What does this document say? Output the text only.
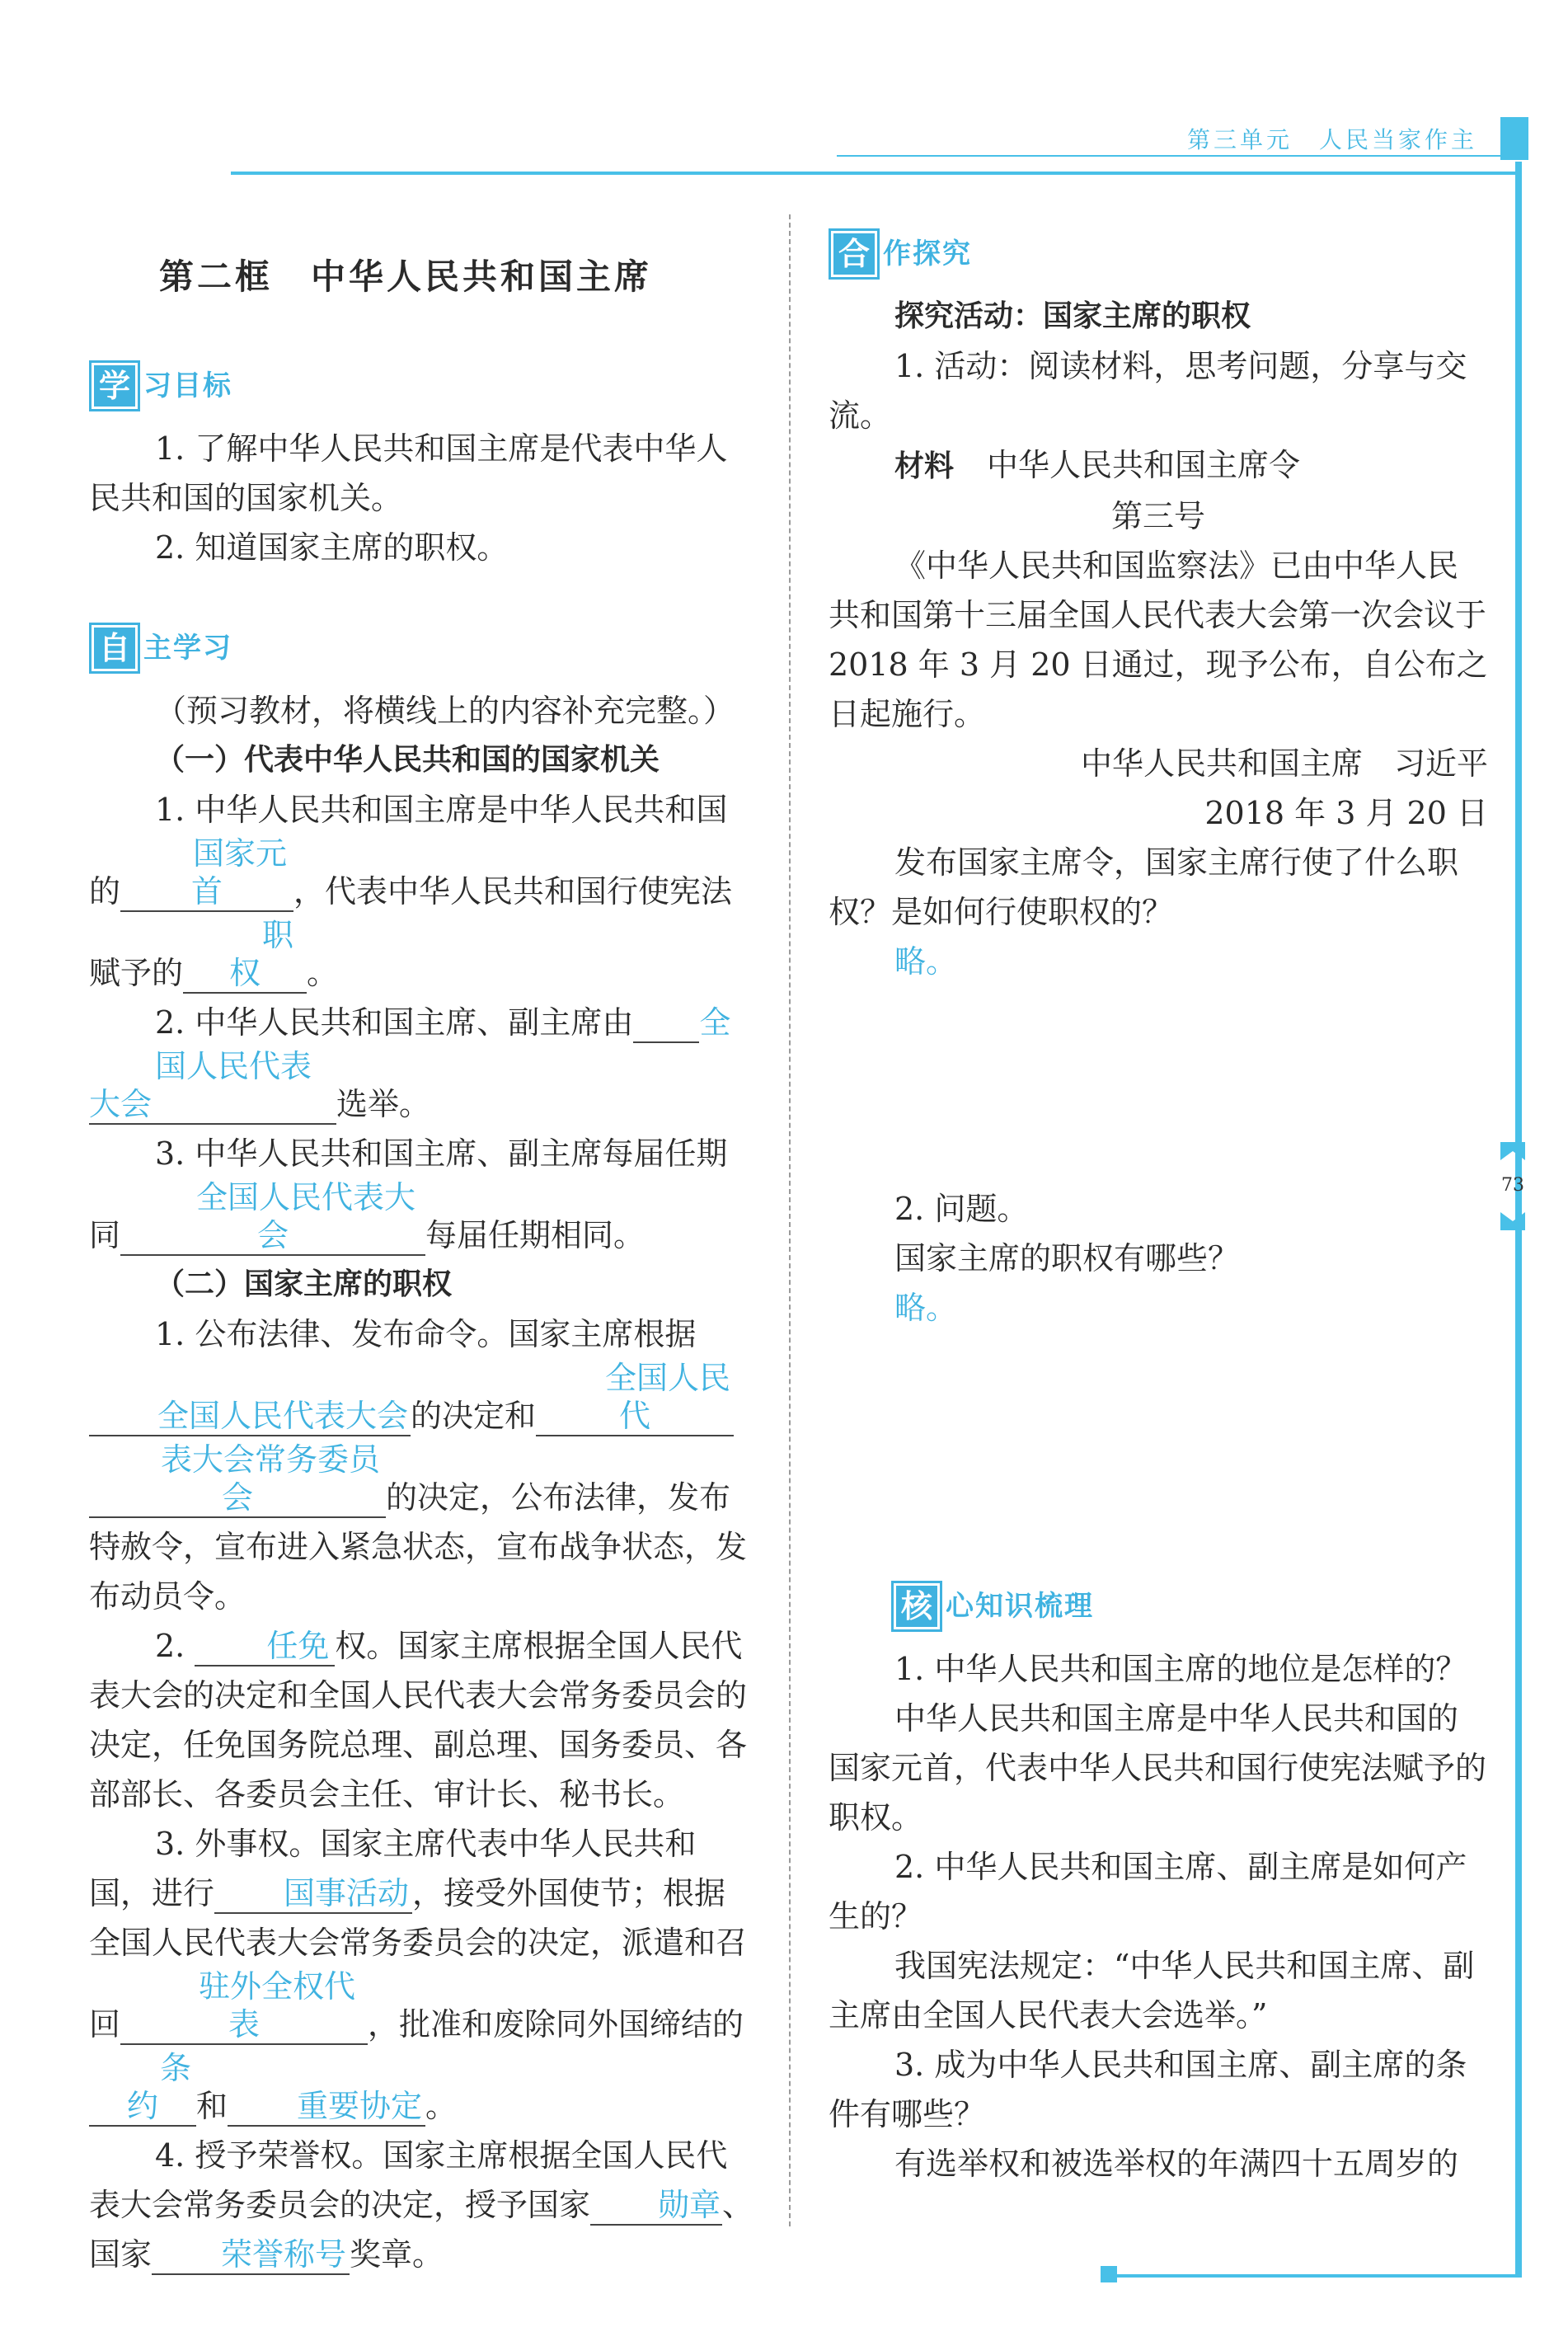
第三单元　人民当家作主
73

第二框　中华人民共和国主席

学 习目标

1. 了解中华人民共和国主席是代表中华人民共和国的国家机关。

2. 知道国家主席的职权。

自 主学习

（预习教材，将横线上的内容补充完整。）

（一）代表中华人民共和国的国家机关

1. 中华人民共和国主席是中华人民共和国的国家元首 ，代表中华人民共和国行使宪法赋予的职权 。

2. 中华人民共和国主席、副主席由 全国人民代表大会	选举。

3. 中华人民共和国主席、副主席每届任期同全国人民代表大会	每届任期相同。

（二）国家主席的职权

1. 公布法律、发布命令。国家主席根据全国人民代表大会的决定和全国人民代表大会常务委员会	的决定，公布法律，发布特赦令，宣布进入紧急状态，宣布战争状态，发布动员令。

2. 任免 权。国家主席根据全国人民代表大会的决定和全国人民代表大会常务委员会的决定，任免国务院总理、副总理、国务委员、各部部长、各委员会主任、审计长、秘书长。

3. 外事权。国家主席代表中华人民共和国，进行 国事活动 ，接受外国使节；根据全国人民代表大会常务委员会的决定，派遣和召回驻外全权代表	，批准和废除同外国缔结的条约 和 重要协定 。

4. 授予荣誉权。国家主席根据全国人民代表大会常务委员会的决定，授予国家 勋章、国家 荣誉称号 奖章。

合 作探究

探究活动：国家主席的职权

1. 活动：阅读材料，思考问题，分享与交流。

材料 中华人民共和国主席令

第三号

《中华人民共和国监察法》已由中华人民共和国第十三届全国人民代表大会第一次会议于2018 年 3 月 20 日通过，现予公布，自公布之日起施行。

中华人民共和国主席　习近平

2018 年 3 月 20 日

发布国家主席令，国家主席行使了什么职权？是如何行使职权的？

略。

2. 问题。

国家主席的职权有哪些？

略。

核 心知识梳理

1. 中华人民共和国主席的地位是怎样的？

中华人民共和国主席是中华人民共和国的国家元首，代表中华人民共和国行使宪法赋予的职权。

2. 中华人民共和国主席、副主席是如何产生的？

我国宪法规定：“中华人民共和国主席、副主席由全国人民代表大会选举。”

3. 成为中华人民共和国主席、副主席的条件有哪些？

有选举权和被选举权的年满四十五周岁的
